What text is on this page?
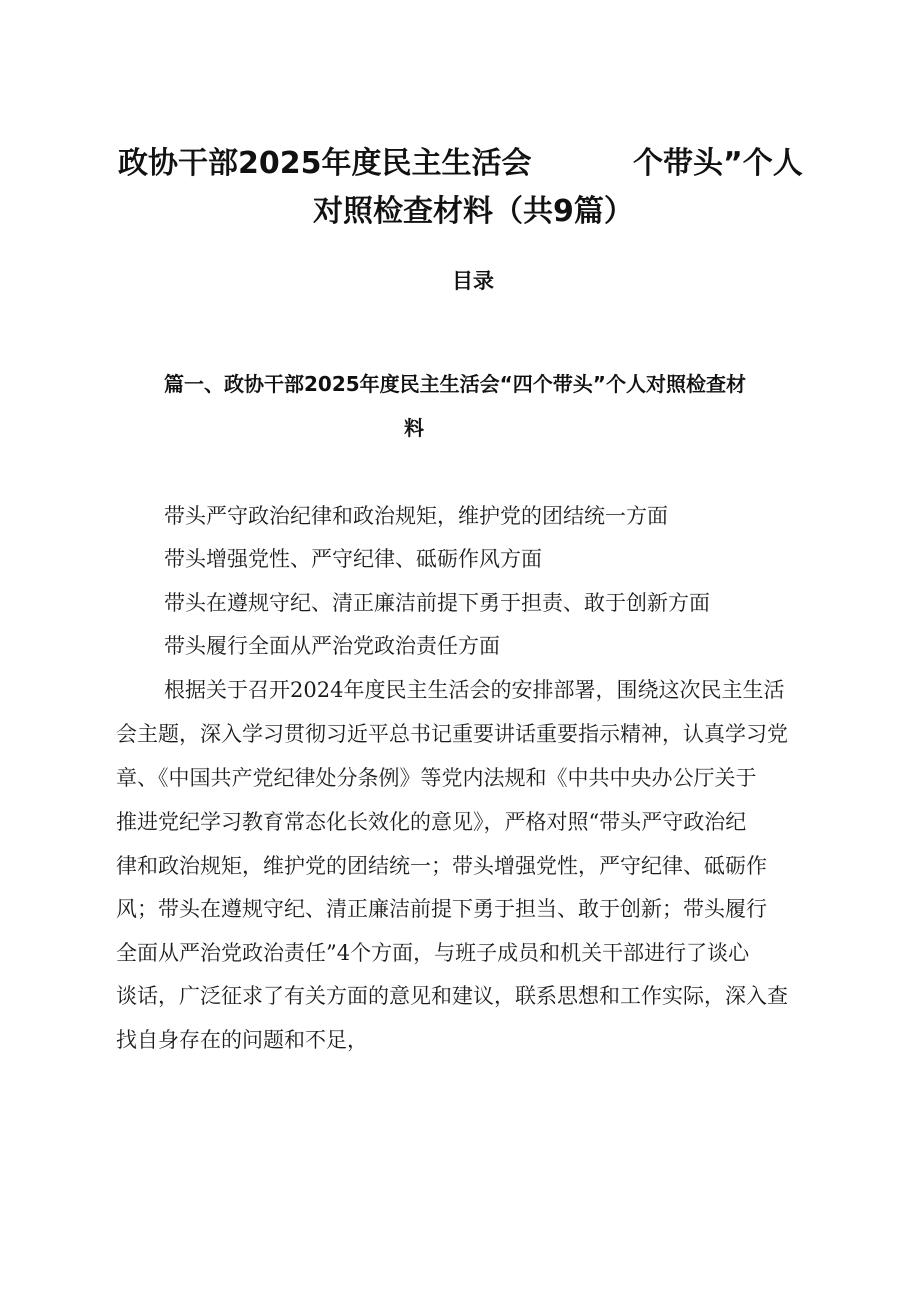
政协干部2025年度民主生活会	个带头”个人
对照检查材料（共9篇）
目录
篇一、政协干部2025年度民主生活会“四个带头”个人对照检查材
料
带头严守政治纪律和政治规矩，维护党的团结统一方面
带头增强党性、严守纪律、砥砺作风方面
带头在遵规守纪、清正廉洁前提下勇于担责、敢于创新方面
带头履行全面从严治党政治责任方面
根据关于召开2024年度民主生活会的安排部署，围绕这次民主生活
会主题，深入学习贯彻习近平总书记重要讲话重要指示精神，认真学习党
章、《中国共产党纪律处分条例》等党内法规和《中共中央办公厅关于
推进党纪学习教育常态化长效化的意见》，严格对照“带头严守政治纪
律和政治规矩，维护党的团结统一；带头增强党性，严守纪律、砥砺作
风；带头在遵规守纪、清正廉洁前提下勇于担当、敢于创新；带头履行
全面从严治党政治责任”4个方面，与班子成员和机关干部进行了谈心
谈话，广泛征求了有关方面的意见和建议，联系思想和工作实际，深入查
找自身存在的问题和不足，
